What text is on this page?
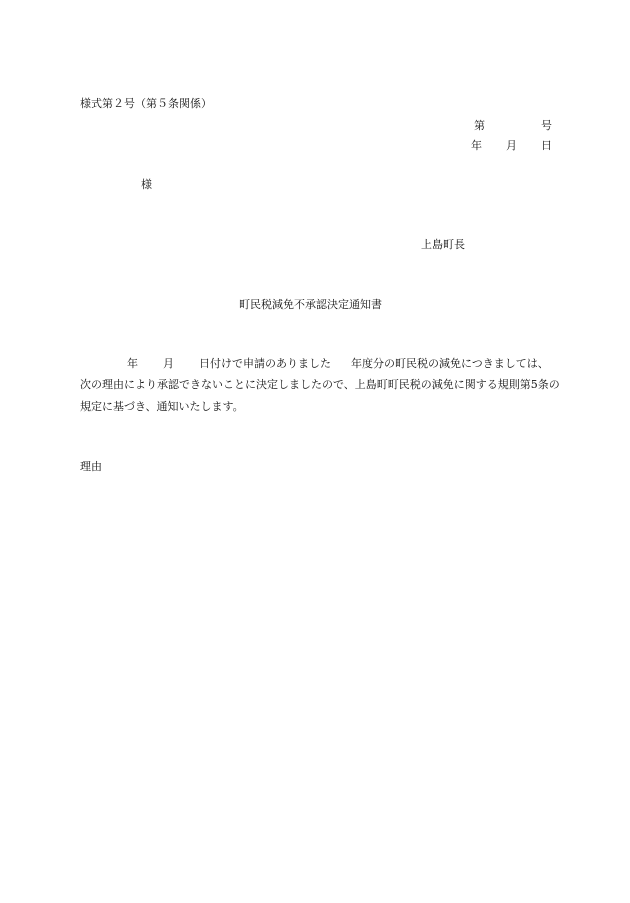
様式第２号（第５条関係）
第	号
年 月 日
様
上島町長
町民税減免不承認決定通知書
年 月 日付けで申請のありました 年度分の町民税の減免につきましては、
次の理由により承認できないことに決定しましたので、上島町町民税の減免に関する規則第5条の
規定に基づき、通知いたします。
理由
